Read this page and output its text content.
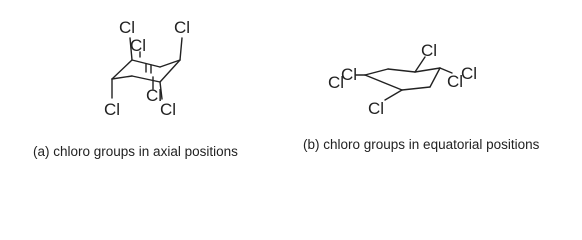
Cl Cl
Cl
Cl
Cl Cl
Cl
Cl
Cl	Cl
Cl
Cl
(a) chloro groups in axial positions	(b) chloro groups in equatorial positions
